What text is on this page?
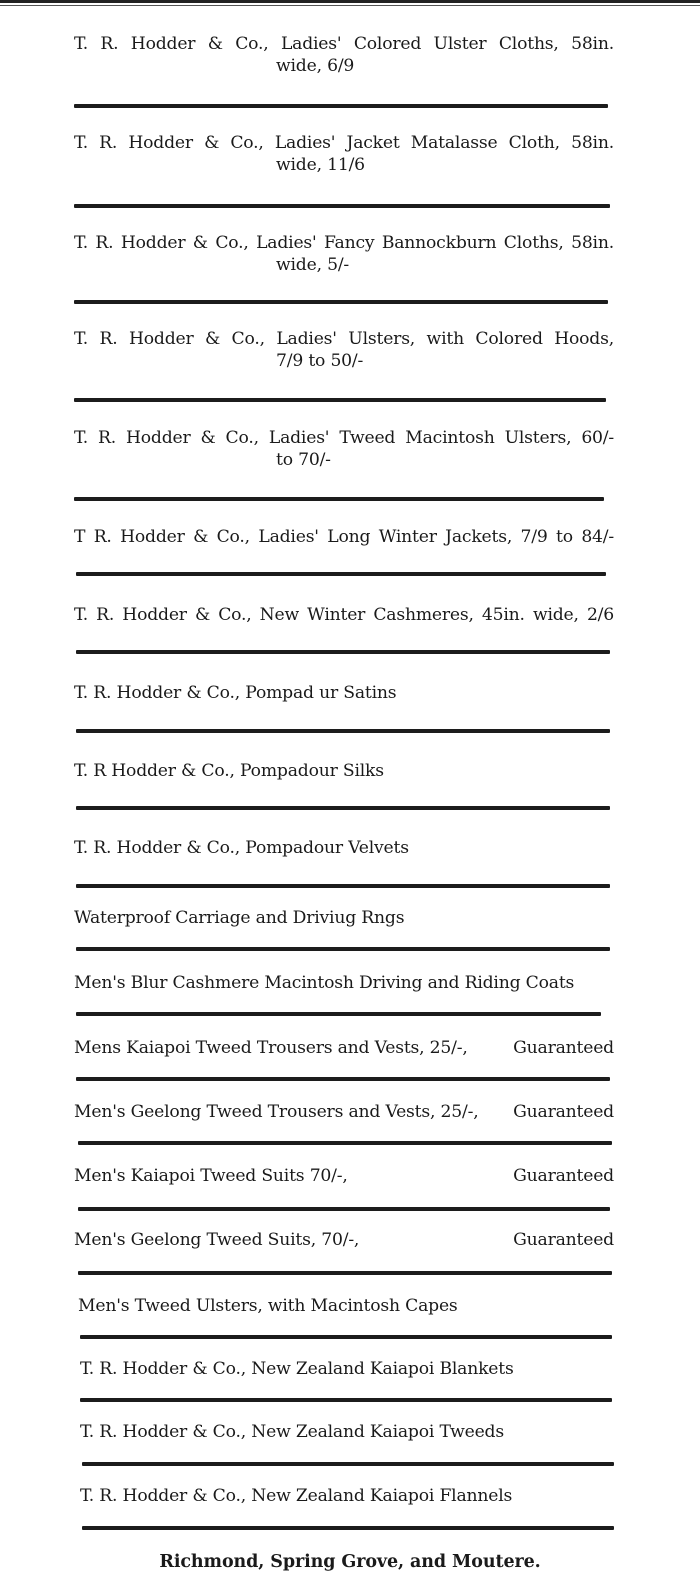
T. R. Hodder & Co., Ladies' Colored Ulster Cloths, 58in.
wide, 6/9
T. R. Hodder & Co., Ladies' Jacket Matalasse Cloth, 58in.
wide, 11/6
T. R. Hodder & Co., Ladies' Fancy Bannockburn Cloths, 58in.
wide, 5/-
T. R. Hodder & Co., Ladies' Ulsters, with Colored Hoods,
7/9 to 50/-
T. R. Hodder & Co., Ladies' Tweed Macintosh Ulsters, 60/-
to 70/-
T R. Hodder & Co., Ladies' Long Winter Jackets, 7/9 to 84/-
T. R. Hodder & Co., New Winter Cashmeres, 45in. wide, 2/6
T. R. Hodder & Co., Pompad ur Satins
T. R Hodder & Co., Pompadour Silks
T. R. Hodder & Co., Pompadour Velvets
Waterproof Carriage and Driviug Rngs
Men's Blur Cashmere Macintosh Driving and Riding Coats
Mens Kaiapoi Tweed Trousers and Vests, 25/-,	Guaranteed
Men's Geelong Tweed Trousers and Vests, 25/-, Guaranteed
Men's Kaiapoi Tweed Suits 70/-,	Guaranteed
Men's Geelong Tweed Suits, 70/-,	Guaranteed
Men's Tweed Ulsters, with Macintosh Capes
T. R. Hodder & Co., New Zealand Kaiapoi Blankets
T. R. Hodder & Co., New Zealand Kaiapoi Tweeds
T. R. Hodder & Co., New Zealand Kaiapoi Flannels
Richmond, Spring Grove, and Moutere.
